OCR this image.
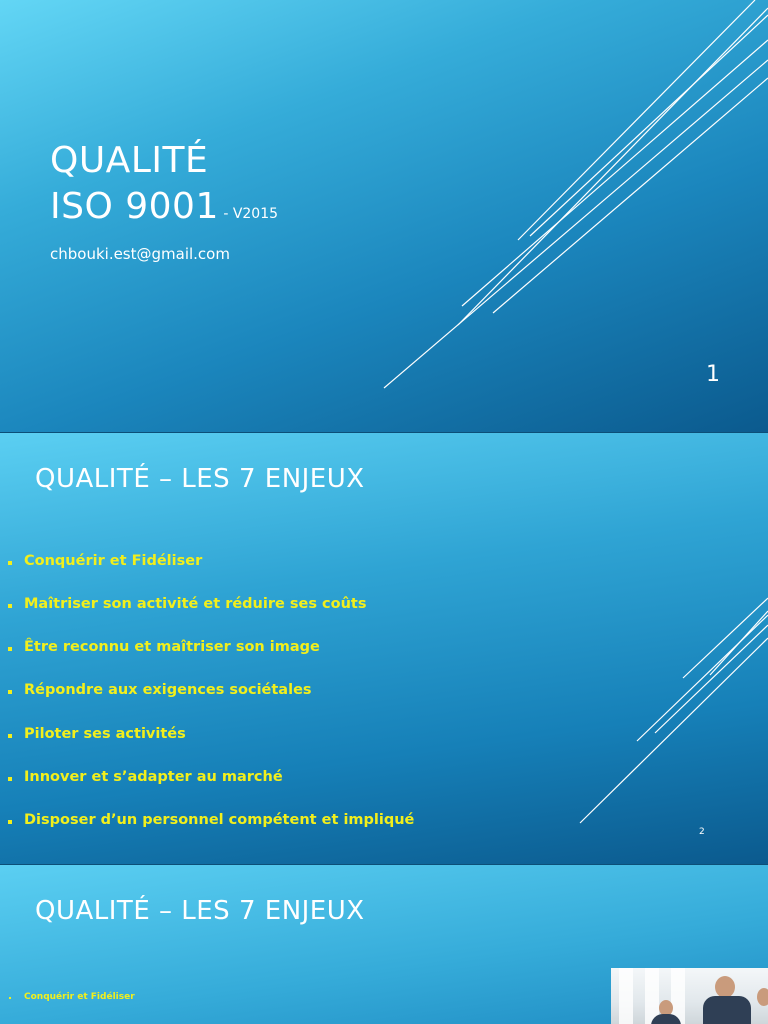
QUALITÉ
ISO 9001 - V2015
chbouki.est@gmail.com
1
QUALITÉ – LES 7 ENJEUX
Conquérir et Fidéliser
Maîtriser son activité et réduire ses coûts
Être reconnu et maîtriser son image
Répondre aux exigences sociétales
Piloter ses activités
Innover et s’adapter au marché
Disposer d’un personnel compétent et impliqué
2
QUALITÉ – LES 7 ENJEUX
Conquérir et Fidéliser
